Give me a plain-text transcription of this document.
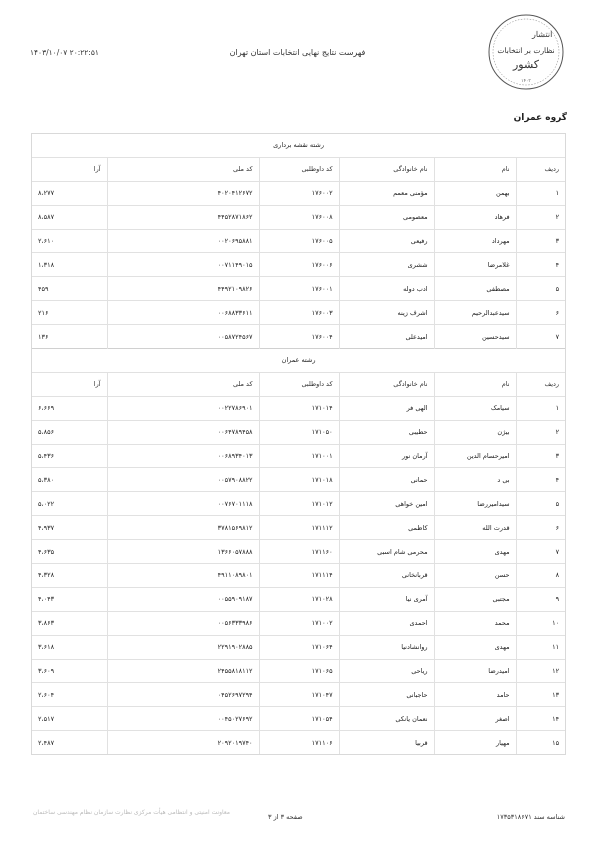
انتشار
نظارت بر انتخابات
کشور
۱۴۰۳
فهرست نتایج نهایی انتخابات استان تهران
۱۴۰۳/۱۰/۰۷ ۲۰:۲۲:۵۱
گروه عمران
رشته نقشه برداری					
ردیف	نام	نام خانوادگی	کد داوطلبی	کد ملی	آرا
۱	بهمن	مؤمنی معمم	۱۷۶۰۰۲	۴۰۲۰۴۱۲۶۷۲	۸،۲۷۷
۲	فرهاد	معصومی	۱۷۶۰۰۸	۴۴۵۲۸۷۱۸۶۲	۸،۵۸۷
۳	مهرداد	رفیعی	۱۷۶۰۰۵	۰۰۲۰۶۹۵۸۸۱	۲،۶۱۰
۴	غلامرضا	ششری	۱۷۶۰۰۶	۰۰۷۱۱۴۹۰۱۵	۱،۳۱۸
۵	مصطفی	ادب دوله	۱۷۶۰۰۱	۴۴۹۲۱۰۹۸۲۶	۴۵۹
۶	سیدعبدالرحیم	اشرف زینه	۱۷۶۰۰۳	۰۰۶۸۸۳۳۶۱۱	۲۱۶
۷	سیدحسین	امیدعلی	۱۷۶۰۰۴	۰۰۵۸۷۲۴۵۶۷	۱۳۶
رشته عمران					
ردیف	نام	نام خانوادگی	کد داوطلبی	کد ملی	آرا
۱	سیامک	الهی فر	۱۷۱۰۱۴	۰۰۲۲۷۸۶۹۰۱	۶،۶۶۹
۲	بیژن	حطیبی	۱۷۱۰۵۰	۰۰۶۴۷۸۹۴۵۸	۵،۸۵۶
۳	امیرحسام الدین	آرمان نور	۱۷۱۰۰۱	۰۰۶۸۹۳۴۰۱۳	۵،۴۳۶
۴	بی د	حمانی	۱۷۱۰۱۸	۰۰۵۷۹۰۸۸۲۲	۵،۳۸۰
۵	سیدامیررضا	امین خواهی	۱۷۱۰۱۲	۰۰۷۶۷۰۱۱۱۸	۵،۰۲۲
۶	قدرت الله	کاظمی	۱۷۱۱۱۲	۳۷۸۱۵۶۹۸۱۲	۴،۹۳۷
۷	مهدی	محرمی شام اسبی	۱۷۱۱۶۰	۱۳۶۶۰۵۷۸۸۸	۴،۶۳۵
۸	حسن	قربانخانی	۱۷۱۱۱۴	۴۹۱۱۰۸۹۸۰۱	۴،۳۲۸
۹	مجتبی	آمری نیا	۱۷۱۰۲۸	۰۰۵۵۹۰۹۱۸۷	۴،۰۴۳
۱۰	محمد	احمدی	۱۷۱۰۰۲	۰۰۵۶۳۳۳۹۸۶	۳،۸۶۳
۱۱	مهدی	روانشادنیا	۱۷۱۰۶۴	۲۲۹۱۹۰۲۸۸۵	۳،۶۱۸
۱۲	امیدرضا	ریاحی	۱۷۱۰۶۵	۲۴۵۵۸۱۸۱۱۲	۳،۶۰۹
۱۳	حامد	حاجبانی	۱۷۱۰۴۷	۰۴۵۲۶۹۷۲۹۴	۲،۶۰۴
۱۴	اصغر	نعمان یانکی	۱۷۱۰۵۴	۰۰۴۵۰۲۷۶۹۲	۲،۵۱۷
۱۵	مهیار	قربیا	۱۷۱۱۰۶	۲۰۹۲۰۱۹۷۴۰	۲،۴۸۷
معاونت امنیتی و انتظامی هیأت مرکزی نظارت سازمان نظام مهندسی ساختمان
صفحه ۳ از ۳	شناسه سند ۱۷۳۵۳۱۸۶۷۱
